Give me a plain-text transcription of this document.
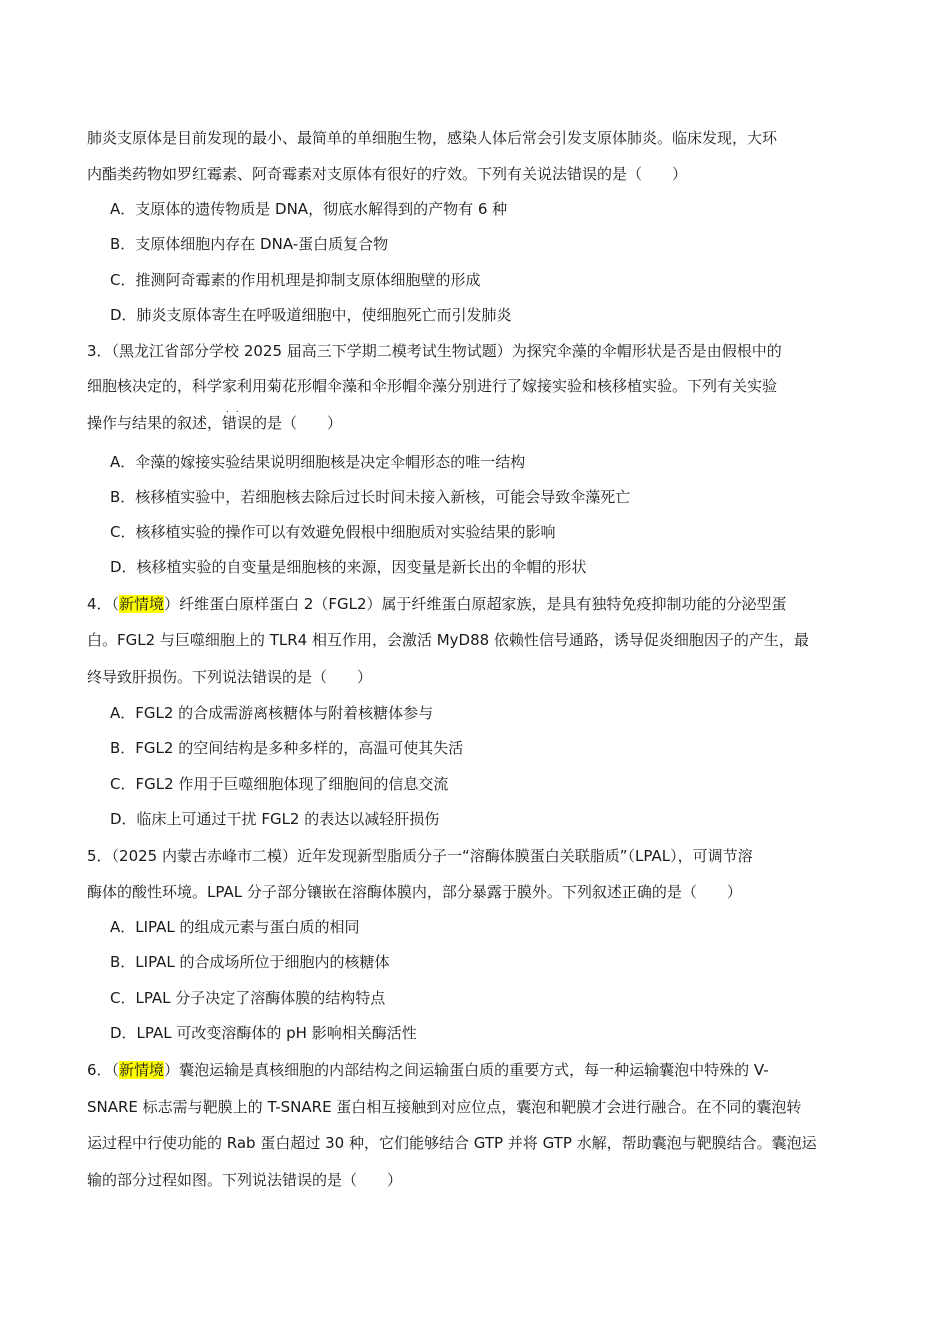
肺炎支原体是目前发现的最小、最简单的单细胞生物，感染人体后常会引发支原体肺炎。临床发现，大环
内酯类药物如罗红霉素、阿奇霉素对支原体有很好的疗效。下列有关说法错误的是（　　）
A．支原体的遗传物质是 DNA，彻底水解得到的产物有 6 种
B．支原体细胞内存在 DNA-蛋白质复合物
C．推测阿奇霉素的作用机理是抑制支原体细胞壁的形成
D．肺炎支原体寄生在呼吸道细胞中，使细胞死亡而引发肺炎
3．（黑龙江省部分学校 2025 届高三下学期二模考试生物试题）为探究伞藻的伞帽形状是否是由假根中的
细胞核决定的，科学家利用菊花形帽伞藻和伞形帽伞藻分别进行了嫁接实验和核移植实验。下列有关实验
操作与结果的叙述，
..
错误的是（　　）
A．伞藻的嫁接实验结果说明细胞核是决定伞帽形态的唯一结构
B．核移植实验中，若细胞核去除后过长时间未接入新核，可能会导致伞藻死亡
C．核移植实验的操作可以有效避免假根中细胞质对实验结果的影响
D．核移植实验的自变量是细胞核的来源，因变量是新长出的伞帽的形状
4．（新情境）纤维蛋白原样蛋白 2（FGL2）属于纤维蛋白原超家族，是具有独特免疫抑制功能的分泌型蛋
白。FGL2 与巨噬细胞上的 TLR4 相互作用，会激活 MyD88 依赖性信号通路，诱导促炎细胞因子的产生，最
终导致肝损伤。下列说法错误的是（　　）
A．FGL2 的合成需游离核糖体与附着核糖体参与
B．FGL2 的空间结构是多种多样的，高温可使其失活
C．FGL2 作用于巨噬细胞体现了细胞间的信息交流
D．临床上可通过干扰 FGL2 的表达以减轻肝损伤
5．（2025 内蒙古赤峰市二模）近年发现新型脂质分子一“溶酶体膜蛋白关联脂质”（LPAL），可调节溶
酶体的酸性环境。LPAL 分子部分镶嵌在溶酶体膜内，部分暴露于膜外。下列叙述正确的是（　　）
A．LIPAL 的组成元素与蛋白质的相同
B．LIPAL 的合成场所位于细胞内的核糖体
C．LPAL 分子决定了溶酶体膜的结构特点
D．LPAL 可改变溶酶体的 pH 影响相关酶活性
6．（新情境）囊泡运输是真核细胞的内部结构之间运输蛋白质的重要方式，每一种运输囊泡中特殊的 V-
SNARE 标志需与靶膜上的 T-SNARE 蛋白相互接触到对应位点，囊泡和靶膜才会进行融合。在不同的囊泡转
运过程中行使功能的 Rab 蛋白超过 30 种，它们能够结合 GTP 并将 GTP 水解，帮助囊泡与靶膜结合。囊泡运
输的部分过程如图。下列说法错误的是（　　）
